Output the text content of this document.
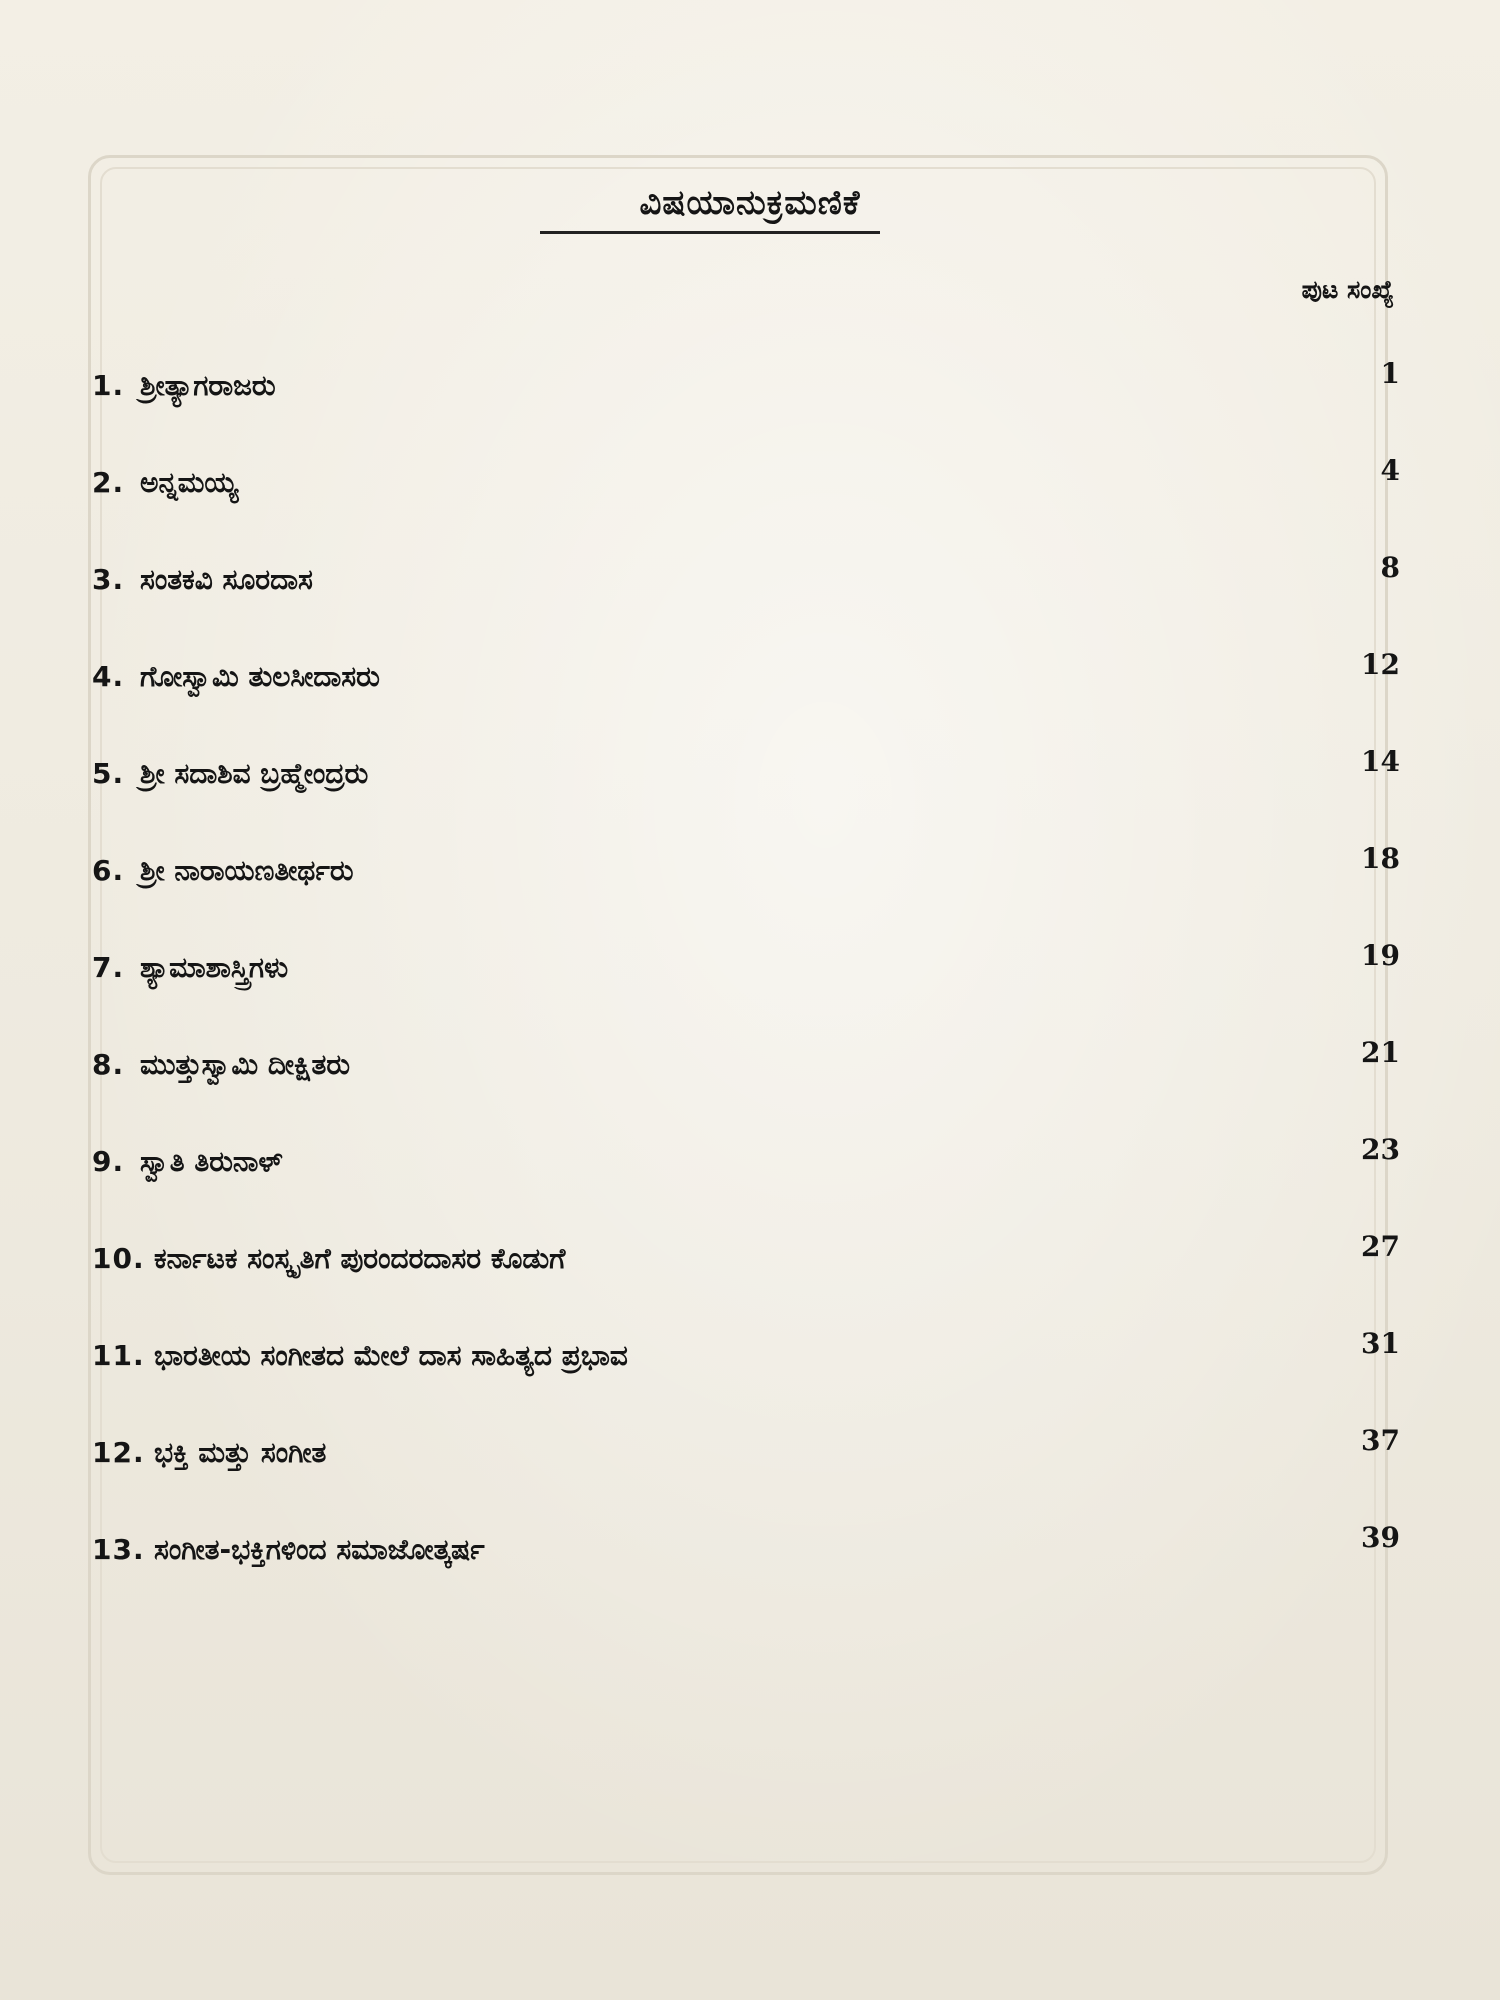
ವಿಷಯಾನುಕ್ರಮಣಿಕೆ
ಪುಟ ಸಂಖ್ಯೆ
1. ಶ್ರೀತ್ಯಾಗರಾಜರು	1
2. ಅನ್ನಮಯ್ಯ	4
3. ಸಂತಕವಿ ಸೂರದಾಸ	8
4. ಗೋಸ್ವಾಮಿ ತುಲಸೀದಾಸರು	12
5. ಶ್ರೀ ಸದಾಶಿವ ಬ್ರಹ್ಮೇಂದ್ರರು	14
6. ಶ್ರೀ ನಾರಾಯಣತೀರ್ಥರು	18
7. ಶ್ಯಾಮಾಶಾಸ್ತ್ರಿಗಳು	19
8. ಮುತ್ತುಸ್ವಾಮಿ ದೀಕ್ಷಿತರು	21
9. ಸ್ವಾತಿ ತಿರುನಾಳ್	23
10. ಕರ್ನಾಟಕ ಸಂಸ್ಕೃತಿಗೆ ಪುರಂದರದಾಸರ ಕೊಡುಗೆ	27
11. ಭಾರತೀಯ ಸಂಗೀತದ ಮೇಲೆ ದಾಸ ಸಾಹಿತ್ಯದ ಪ್ರಭಾವ	31
12. ಭಕ್ತಿ ಮತ್ತು ಸಂಗೀತ	37
13. ಸಂಗೀತ-ಭಕ್ತಿಗಳಿಂದ ಸಮಾಜೋತ್ಕರ್ಷ	39
